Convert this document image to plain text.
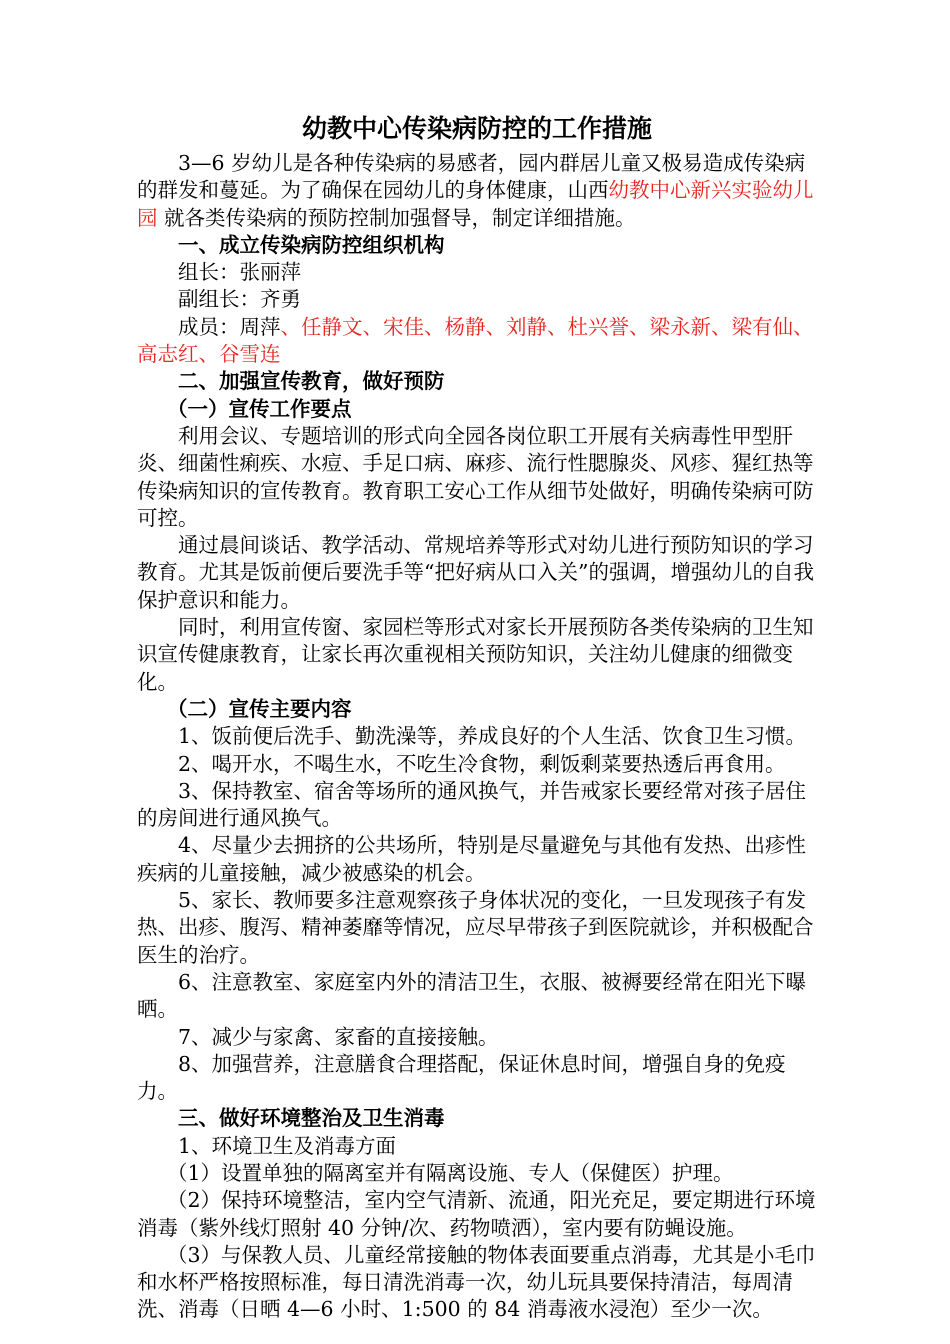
幼教中心传染病防控的工作措施

3—6 岁幼儿是各种传染病的易感者，园内群居儿童又极易造成传染病的群发和蔓延。为了确保在园幼儿的身体健康，山西幼教中心新兴实验幼儿园 就各类传染病的预防控制加强督导，制定详细措施。

一、成立传染病防控组织机构

组长：张丽萍

副组长：齐勇

成员：周萍、任静文、宋佳、杨静、刘静、杜兴誉、梁永新、梁有仙、高志红、谷雪连

二、加强宣传教育，做好预防

（一）宣传工作要点

利用会议、专题培训的形式向全园各岗位职工开展有关病毒性甲型肝炎、细菌性痢疾、水痘、手足口病、麻疹、流行性腮腺炎、风疹、猩红热等传染病知识的宣传教育。教育职工安心工作从细节处做好，明确传染病可防可控。

通过晨间谈话、教学活动、常规培养等形式对幼儿进行预防知识的学习教育。尤其是饭前便后要洗手等“把好病从口入关”的强调，增强幼儿的自我保护意识和能力。

同时，利用宣传窗、家园栏等形式对家长开展预防各类传染病的卫生知识宣传健康教育，让家长再次重视相关预防知识，关注幼儿健康的细微变化。

（二）宣传主要内容

1、饭前便后洗手、勤洗澡等，养成良好的个人生活、饮食卫生习惯。

2、喝开水，不喝生水，不吃生冷食物，剩饭剩菜要热透后再食用。

3、保持教室、宿舍等场所的通风换气，并告戒家长要经常对孩子居住的房间进行通风换气。

4、尽量少去拥挤的公共场所，特别是尽量避免与其他有发热、出疹性疾病的儿童接触，减少被感染的机会。

5、家长、教师要多注意观察孩子身体状况的变化，一旦发现孩子有发热、出疹、腹泻、精神萎靡等情况，应尽早带孩子到医院就诊，并积极配合医生的治疗。

6、注意教室、家庭室内外的清洁卫生，衣服、被褥要经常在阳光下曝晒。

7、减少与家禽、家畜的直接接触。

8、加强营养，注意膳食合理搭配，保证休息时间，增强自身的免疫力。

三、做好环境整治及卫生消毒

1、环境卫生及消毒方面

（1）设置单独的隔离室并有隔离设施、专人（保健医）护理。

（2）保持环境整洁，室内空气清新、流通，阳光充足，要定期进行环境消毒（紫外线灯照射 40 分钟/次、药物喷洒），室内要有防蝇设施。

（3）与保教人员、儿童经常接触的物体表面要重点消毒，尤其是小毛巾和水杯严格按照标准，每日清洗消毒一次，幼儿玩具要保持清洁，每周清洗、消毒（日晒 4—6 小时、1:500 的 84 消毒液水浸泡）至少一次。
